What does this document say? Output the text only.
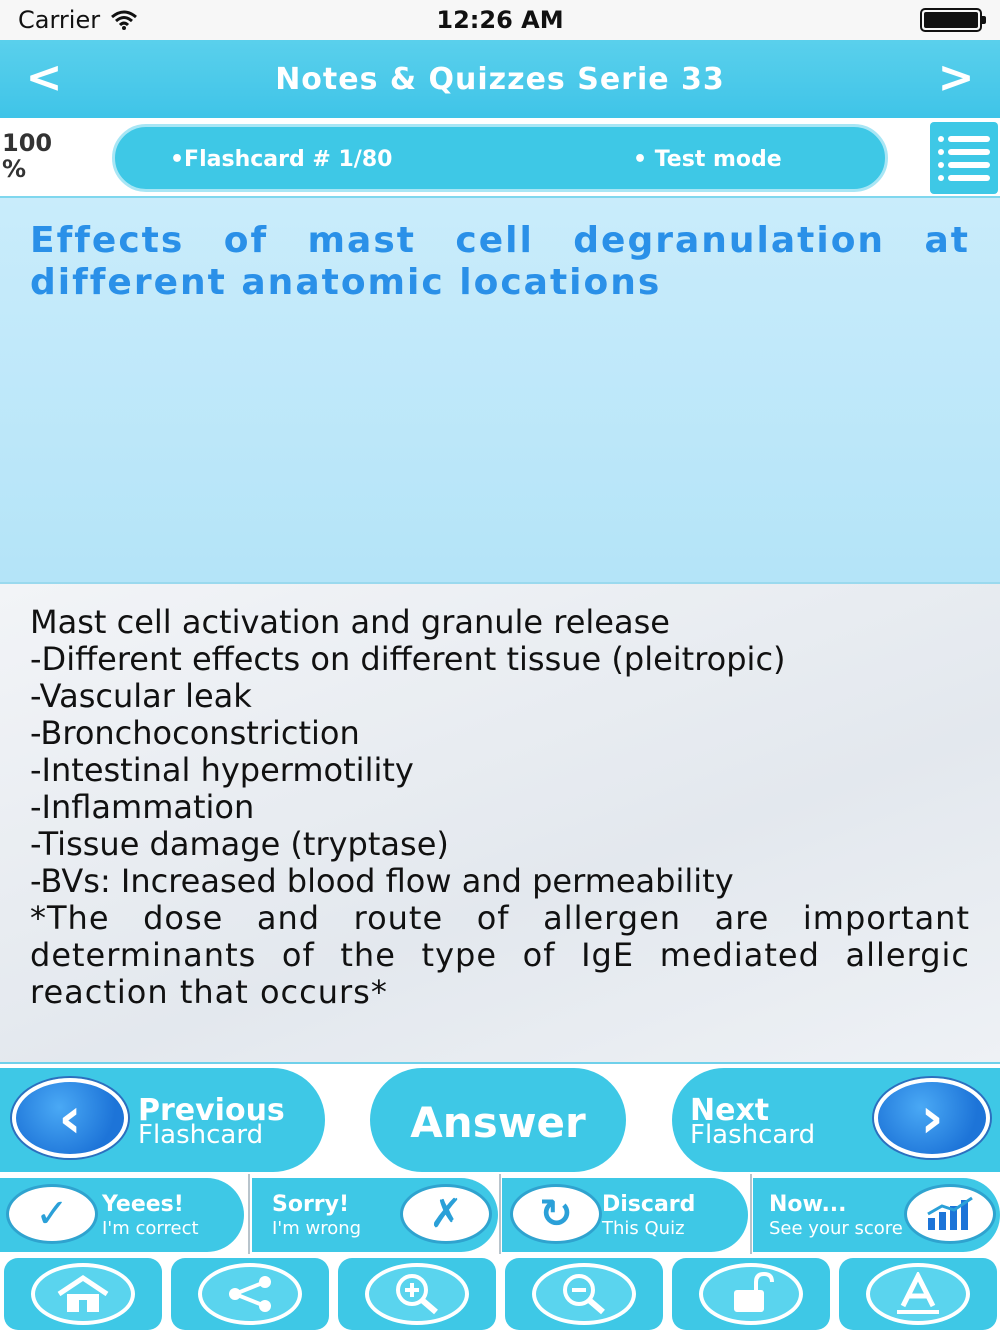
Carrier	12:26 AM
<	Notes & Quizzes Serie 33	>
100 %	•Flashcard # 1/80	• Test mode
Effects of mast cell degranulation at different anatomic locations
Mast cell activation and granule release
-Different effects on different tissue (pleitropic)
-Vascular leak
-Bronchoconstriction
-Intestinal hypermotility
-Inflammation
-Tissue damage (tryptase)
-BVs: Increased blood flow and permeability
*The dose and route of allergen are important
determinants of the type of IgE mediated allergic
reaction that occurs*
‹	Previous
Flashcard	Answer	Next
Flashcard	›
✓	Yeees!
I'm correct
Sorry!
I'm wrong	✗	↻	Discard
This Quiz
Now...
See your score
